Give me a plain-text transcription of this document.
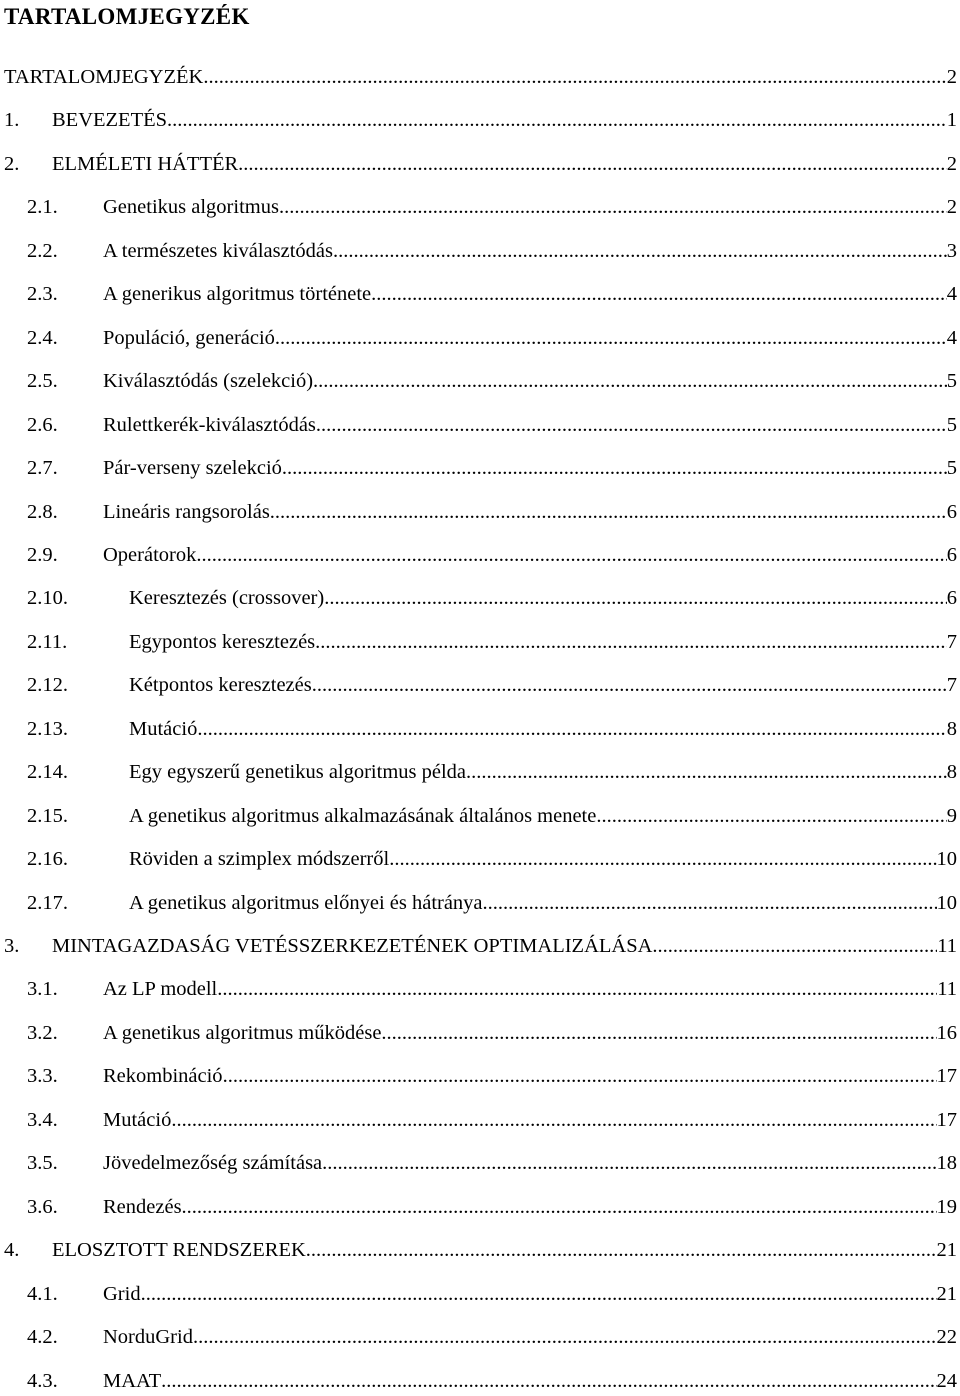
TARTALOMJEGYZÉK
TARTALOMJEGYZÉK .....	2
1. BEVEZETÉS .....	1
2. ELMÉLETI HÁTTÉR .....	2
2.1. Genetikus algoritmus .....	2
2.2. A természetes kiválasztódás .....	3
2.3. A generikus algoritmus története .....	4
2.4. Populáció, generáció .....	4
2.5. Kiválasztódás (szelekció) .....	5
2.6. Rulettkerék-kiválasztódás .....	5
2.7. Pár-verseny szelekció .....	5
2.8. Lineáris rangsorolás .....	6
2.9. Operátorok .....	6
2.10.	Keresztezés (crossover) .....	6
2.11.	Egypontos keresztezés .....	7
2.12.	Kétpontos keresztezés .....	7
2.13.	Mutáció .....	8
2.14.	Egy egyszerű genetikus algoritmus példa .....	8
2.15.	A genetikus algoritmus alkalmazásának általános menete .....	9
2.16.	Röviden a szimplex módszerről .....	10
2.17.	A genetikus algoritmus előnyei és hátránya .....	10
3. MINTAGAZDASÁG VETÉSSZERKEZETÉNEK OPTIMALIZÁLÁSA .....	11
3.1. Az LP modell .....	11
3.2. A genetikus algoritmus működése .....	16
3.3. Rekombináció .....	17
3.4. Mutáció .....	17
3.5. Jövedelmezőség számítása .....	18
3.6. Rendezés .....	19
4. ELOSZTOTT RENDSZEREK .....	21
4.1. Grid .....	21
4.2. NorduGrid .....	22
4.3. MAAT .....	24
